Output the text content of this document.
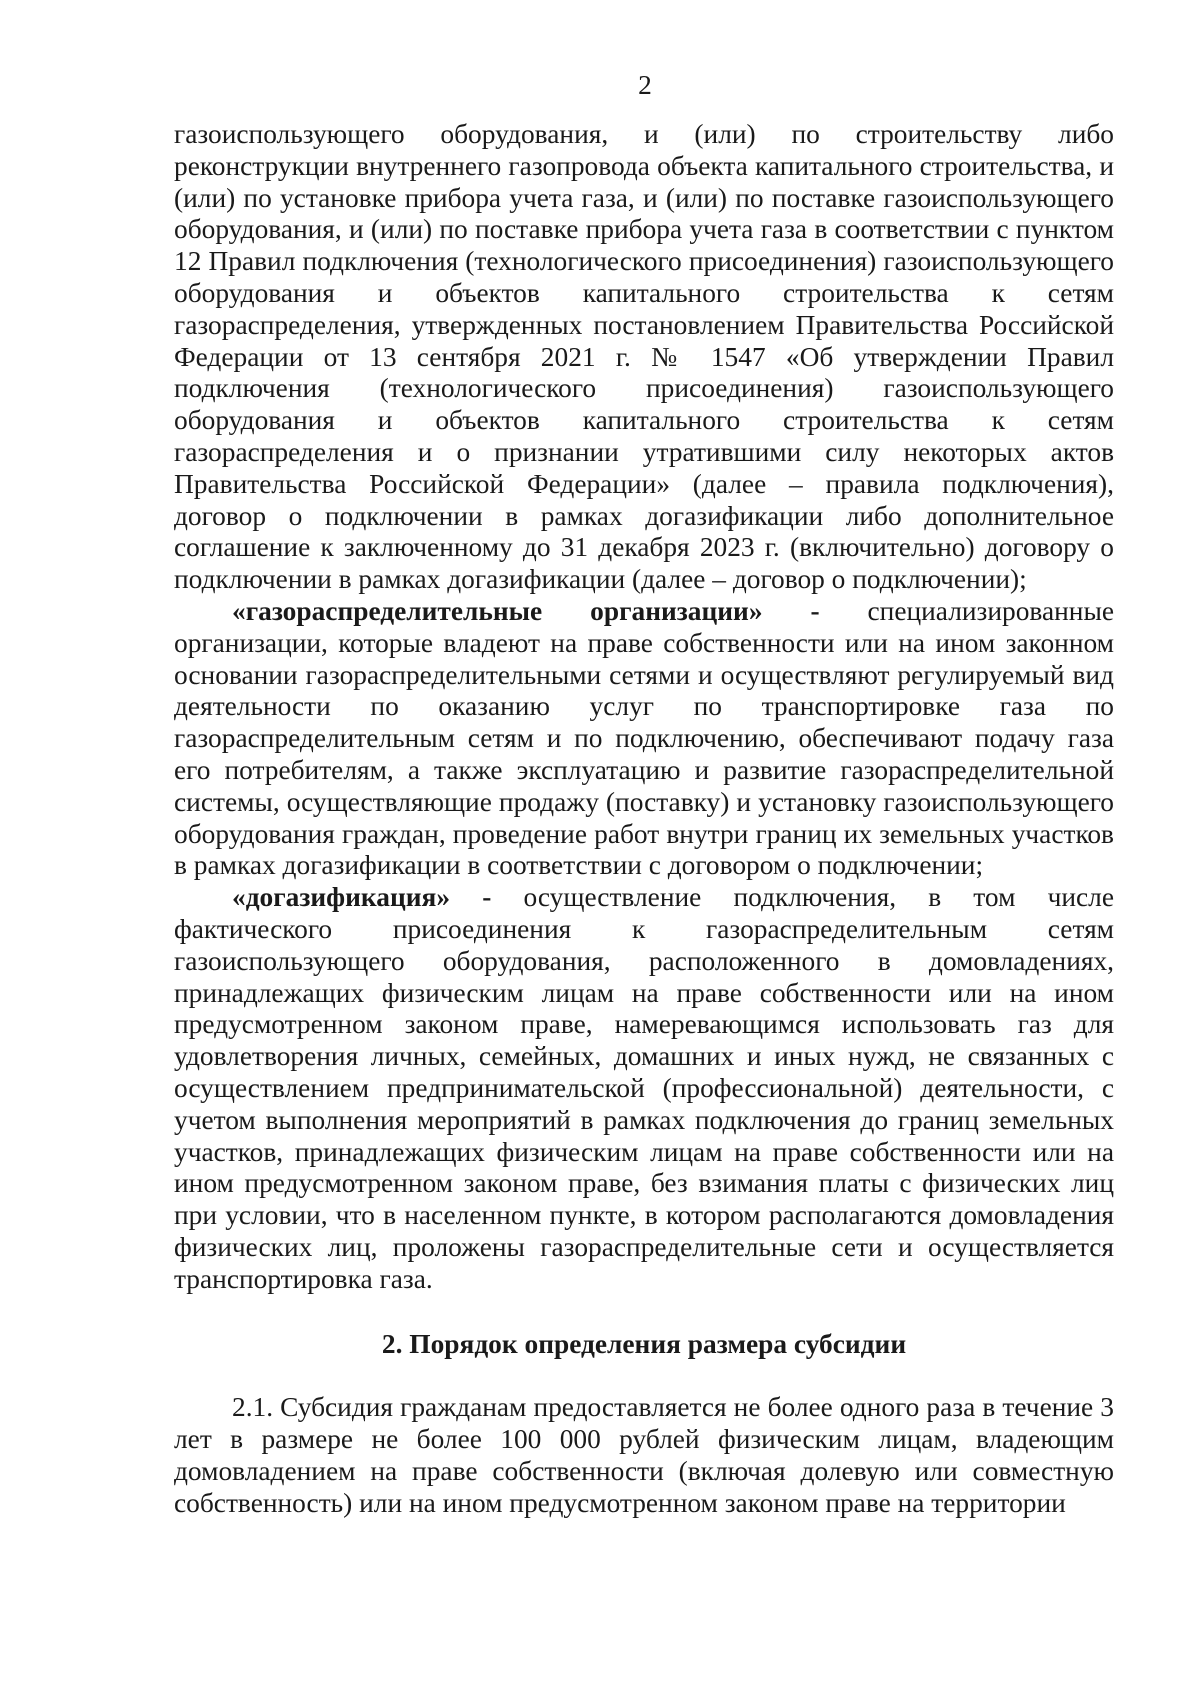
2

газоиспользующего оборудования, и (или) по строительству либо реконструкции внутреннего газопровода объекта капитального строительства, и (или) по установке прибора учета газа, и (или) по поставке газоиспользующего оборудования, и (или) по поставке прибора учета газа в соответствии с пунктом 12 Правил подключения (технологического присоединения) газоиспользующего оборудования и объектов капитального строительства к сетям газораспределения, утвержденных постановлением Правительства Российской Федерации от 13 сентября 2021 г. № 1547 «Об утверждении Правил подключения (технологического присоединения) газоиспользующего оборудования и объектов капитального строительства к сетям газораспределения и о признании утратившими силу некоторых актов Правительства Российской Федерации» (далее – правила подключения), договор о подключении в рамках догазификации либо дополнительное соглашение к заключенному до 31 декабря 2023 г. (включительно) договору о подключении в рамках догазификации (далее – договор о подключении);

«газораспределительные организации» - специализированные организации, которые владеют на праве собственности или на ином законном основании газораспределительными сетями и осуществляют регулируемый вид деятельности по оказанию услуг по транспортировке газа по газораспределительным сетям и по подключению, обеспечивают подачу газа его потребителям, а также эксплуатацию и развитие газораспределительной системы, осуществляющие продажу (поставку) и установку газоиспользующего оборудования граждан, проведение работ внутри границ их земельных участков в рамках догазификации в соответствии с договором о подключении;

«догазификация» - осуществление подключения, в том числе фактического присоединения к газораспределительным сетям газоиспользующего оборудования, расположенного в домовладениях, принадлежащих физическим лицам на праве собственности или на ином предусмотренном законом праве, намеревающимся использовать газ для удовлетворения личных, семейных, домашних и иных нужд, не связанных с осуществлением предпринимательской (профессиональной) деятельности, с учетом выполнения мероприятий в рамках подключения до границ земельных участков, принадлежащих физическим лицам на праве собственности или на ином предусмотренном законом праве, без взимания платы с физических лиц при условии, что в населенном пункте, в котором располагаются домовладения физических лиц, проложены газораспределительные сети и осуществляется транспортировка газа.

2. Порядок определения размера субсидии

2.1. Субсидия гражданам предоставляется не более одного раза в течение 3 лет в размере не более 100 000 рублей физическим лицам, владеющим домовладением на праве собственности (включая долевую или совместную собственность) или на ином предусмотренном законом праве на территории
